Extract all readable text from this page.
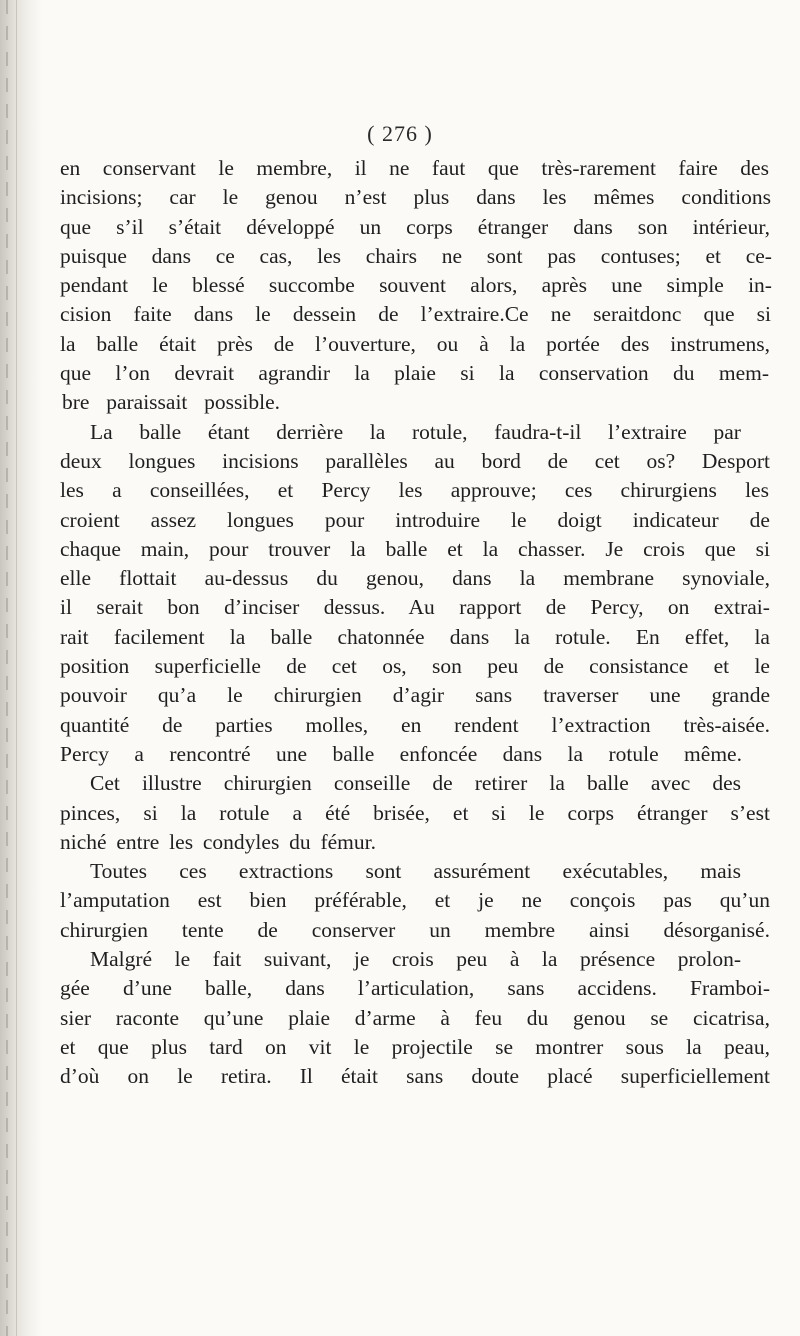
( 276 )
en conservant le membre, il ne faut que très-rarement faire des
incisions; car le genou n’est plus dans les mêmes conditions
que s’il s’était développé un corps étranger dans son intérieur,
puisque dans ce cas, les chairs ne sont pas contuses; et ce-
pendant le blessé succombe souvent alors, après une simple in-
cision faite dans le dessein de l’extraire.Ce ne seraitdonc que si
la balle était près de l’ouverture, ou à la portée des instrumens,
que l’on devrait agrandir la plaie si la conservation du mem-
bre paraissait possible.
La balle étant derrière la rotule, faudra-t-il l’extraire par
deux longues incisions parallèles au bord de cet os? Desport
les a conseillées, et Percy les approuve; ces chirurgiens les
croient assez longues pour introduire le doigt indicateur de
chaque main, pour trouver la balle et la chasser. Je crois que si
elle flottait au-dessus du genou, dans la membrane synoviale,
il serait bon d’inciser dessus. Au rapport de Percy, on extrai-
rait facilement la balle chatonnée dans la rotule. En effet, la
position superficielle de cet os, son peu de consistance et le
pouvoir qu’a le chirurgien d’agir sans traverser une grande
quantité de parties molles, en rendent l’extraction très-aisée.
Percy a rencontré une balle enfoncée dans la rotule même.
Cet illustre chirurgien conseille de retirer la balle avec des
pinces, si la rotule a été brisée, et si le corps étranger s’est
niché entre les condyles du fémur.
Toutes ces extractions sont assurément exécutables, mais
l’amputation est bien préférable, et je ne conçois pas qu’un
chirurgien tente de conserver un membre ainsi désorganisé.
Malgré le fait suivant, je crois peu à la présence prolon-
gée d’une balle, dans l’articulation, sans accidens. Framboi-
sier raconte qu’une plaie d’arme à feu du genou se cicatrisa,
et que plus tard on vit le projectile se montrer sous la peau,
d’où on le retira. Il était sans doute placé superficiellement
